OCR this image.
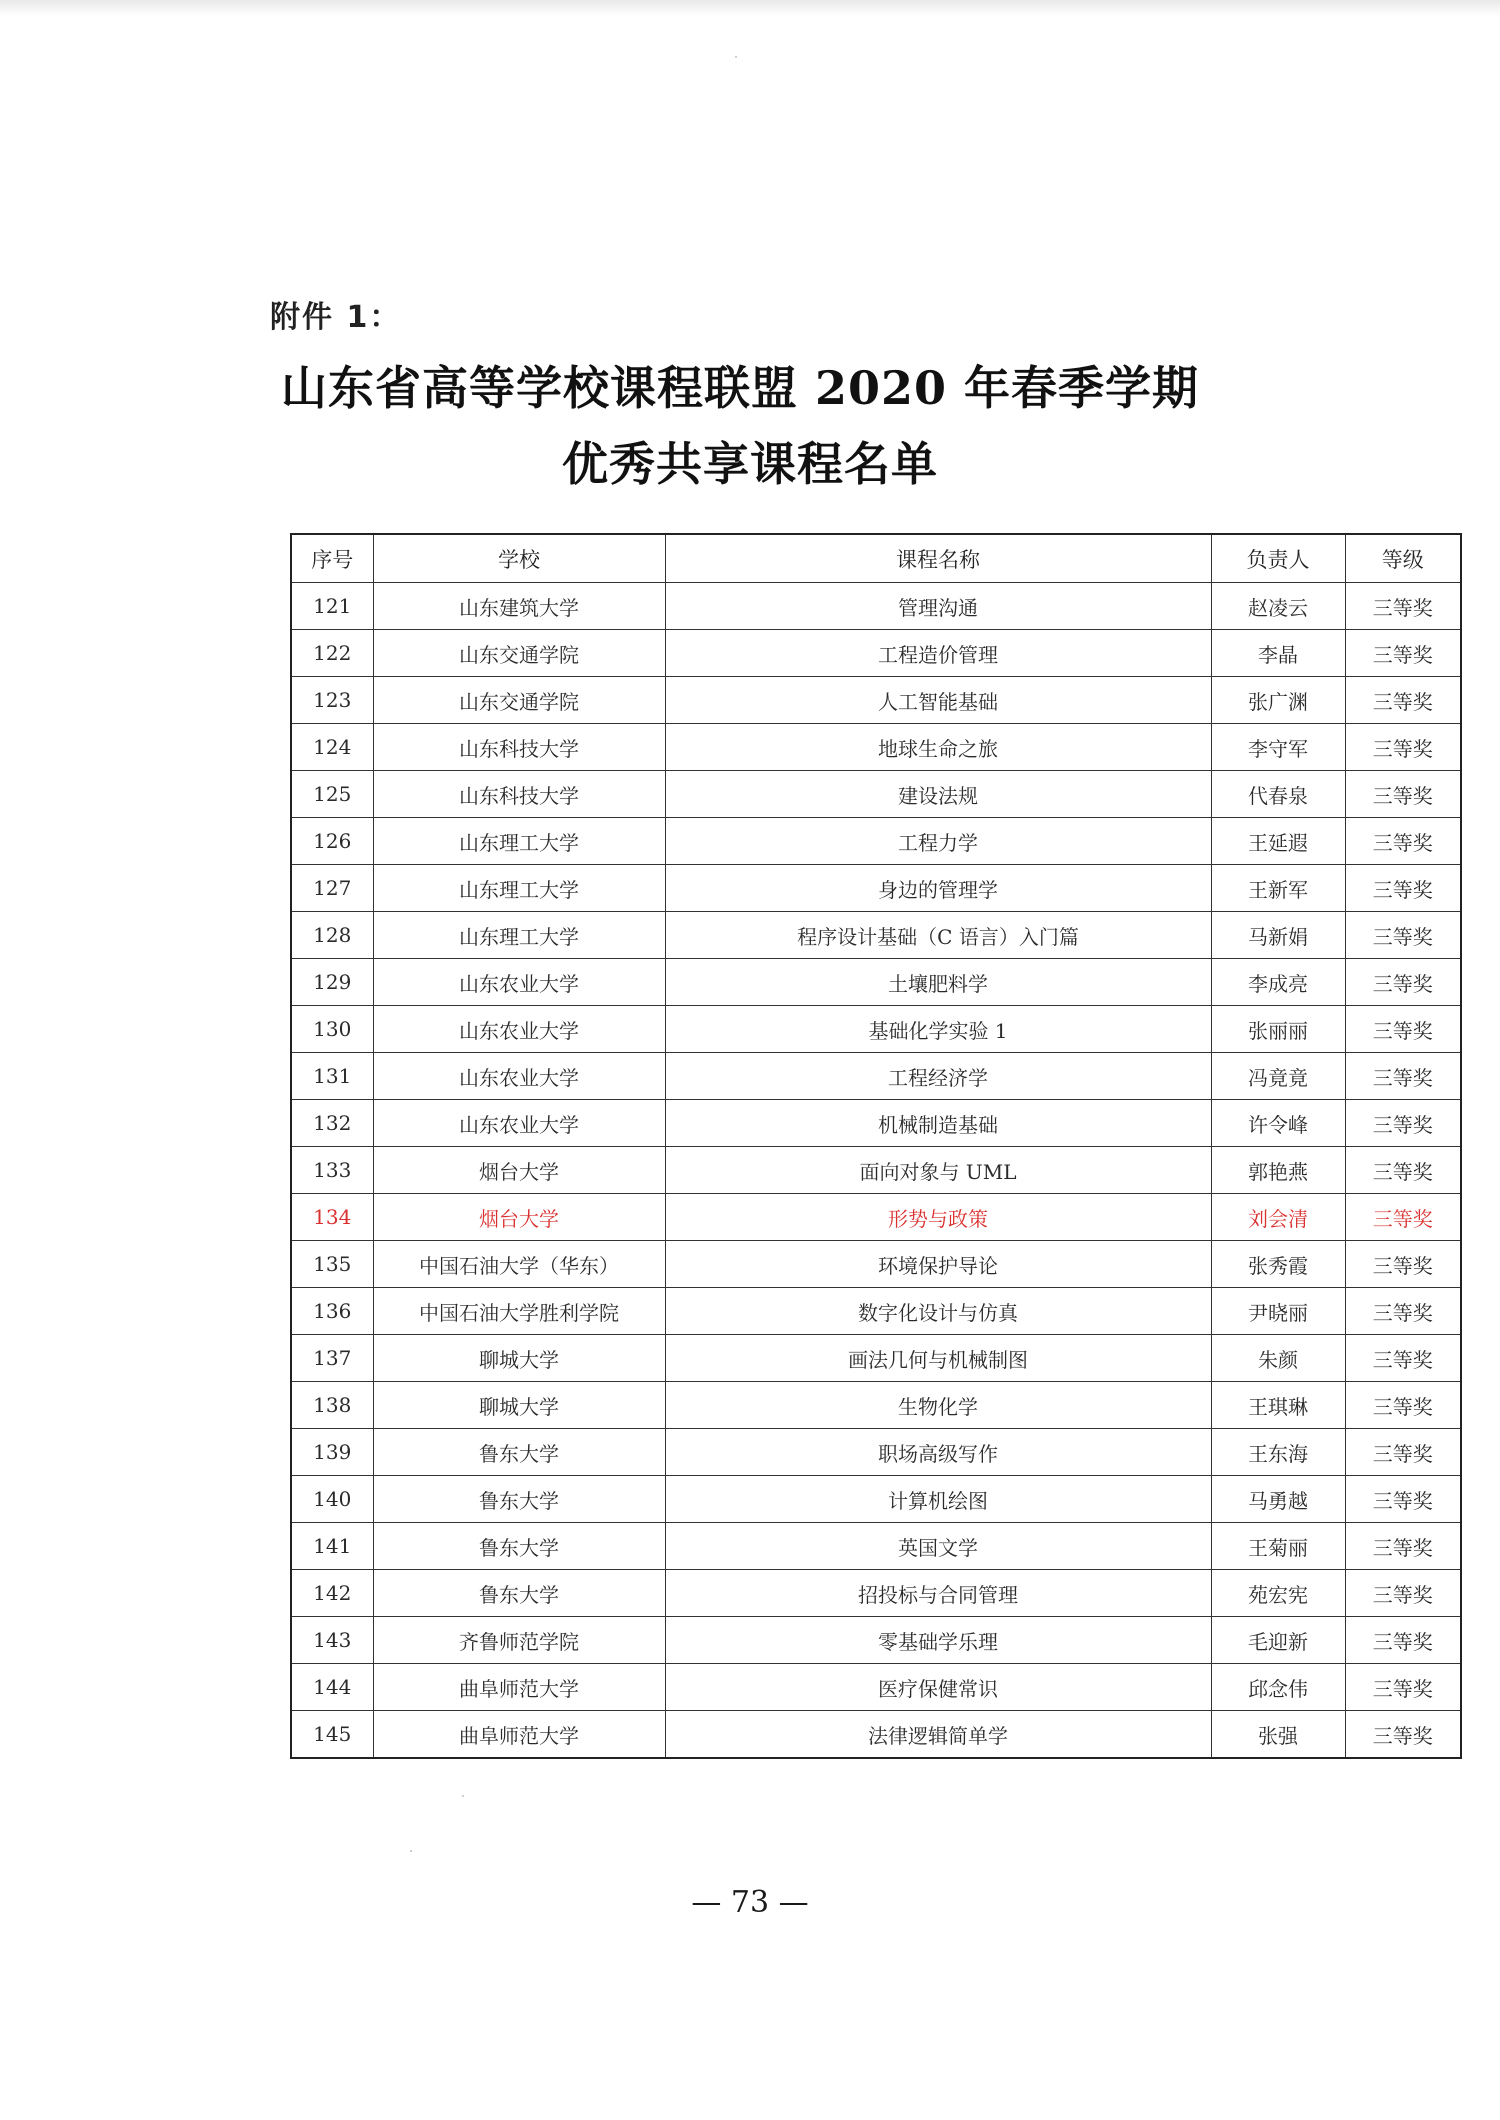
附件 1：
山东省高等学校课程联盟 2020 年春季学期
优秀共享课程名单
序号	学校	课程名称	负责人	等级
121	山东建筑大学	管理沟通	赵凌云	三等奖
122	山东交通学院	工程造价管理	李晶	三等奖
123	山东交通学院	人工智能基础	张广渊	三等奖
124	山东科技大学	地球生命之旅	李守军	三等奖
125	山东科技大学	建设法规	代春泉	三等奖
126	山东理工大学	工程力学	王延遐	三等奖
127	山东理工大学	身边的管理学	王新军	三等奖
128	山东理工大学	程序设计基础（C 语言）入门篇	马新娟	三等奖
129	山东农业大学	土壤肥料学	李成亮	三等奖
130	山东农业大学	基础化学实验 1	张丽丽	三等奖
131	山东农业大学	工程经济学	冯竟竟	三等奖
132	山东农业大学	机械制造基础	许令峰	三等奖
133	烟台大学	面向对象与 UML	郭艳燕	三等奖
134	烟台大学	形势与政策	刘会清	三等奖
135	中国石油大学（华东）	环境保护导论	张秀霞	三等奖
136	中国石油大学胜利学院	数字化设计与仿真	尹晓丽	三等奖
137	聊城大学	画法几何与机械制图	朱颜	三等奖
138	聊城大学	生物化学	王琪琳	三等奖
139	鲁东大学	职场高级写作	王东海	三等奖
140	鲁东大学	计算机绘图	马勇越	三等奖
141	鲁东大学	英国文学	王菊丽	三等奖
142	鲁东大学	招投标与合同管理	苑宏宪	三等奖
143	齐鲁师范学院	零基础学乐理	毛迎新	三等奖
144	曲阜师范大学	医疗保健常识	邱念伟	三等奖
145	曲阜师范大学	法律逻辑简单学	张强	三等奖
— 73 —
